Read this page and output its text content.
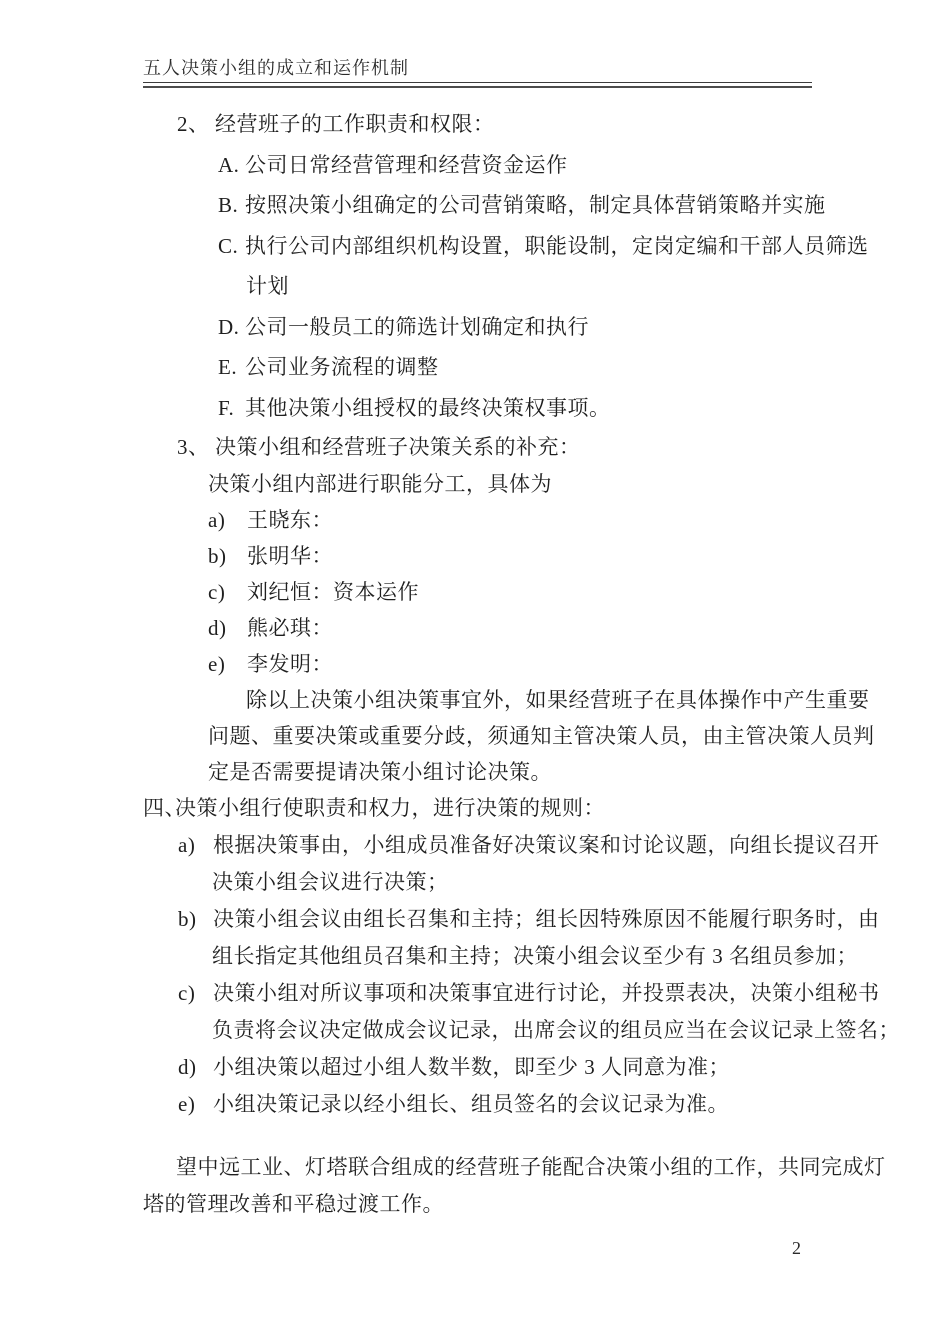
五人决策小组的成立和运作机制
2、 经营班子的工作职责和权限：
A. 公司日常经营管理和经营资金运作
B. 按照决策小组确定的公司营销策略，制定具体营销策略并实施
C. 执行公司内部组织机构设置，职能设制，定岗定编和干部人员筛选
计划
D. 公司一般员工的筛选计划确定和执行
E. 公司业务流程的调整
F. 其他决策小组授权的最终决策权事项。
3、 决策小组和经营班子决策关系的补充：
决策小组内部进行职能分工，具体为
a) 王晓东：
b) 张明华：
c) 刘纪恒：资本运作
d) 熊必琪：
e) 李发明：
除以上决策小组决策事宜外，如果经营班子在具体操作中产生重要
问题、重要决策或重要分歧，须通知主管决策人员，由主管决策人员判
定是否需要提请决策小组讨论决策。
四、
决策小组行使职责和权力，进行决策的规则：
a) 根据决策事由，小组成员准备好决策议案和讨论议题，向组长提议召开
决策小组会议进行决策；
b) 决策小组会议由组长召集和主持；组长因特殊原因不能履行职务时，由
组长指定其他组员召集和主持；决策小组会议至少有 3 名组员参加；
c) 决策小组对所议事项和决策事宜进行讨论，并投票表决，决策小组秘书
负责将会议决定做成会议记录，出席会议的组员应当在会议记录上签名；
d) 小组决策以超过小组人数半数，即至少 3 人同意为准；
e) 小组决策记录以经小组长、组员签名的会议记录为准。
望中远工业、灯塔联合组成的经营班子能配合决策小组的工作，共同完成灯
塔的管理改善和平稳过渡工作。
2
